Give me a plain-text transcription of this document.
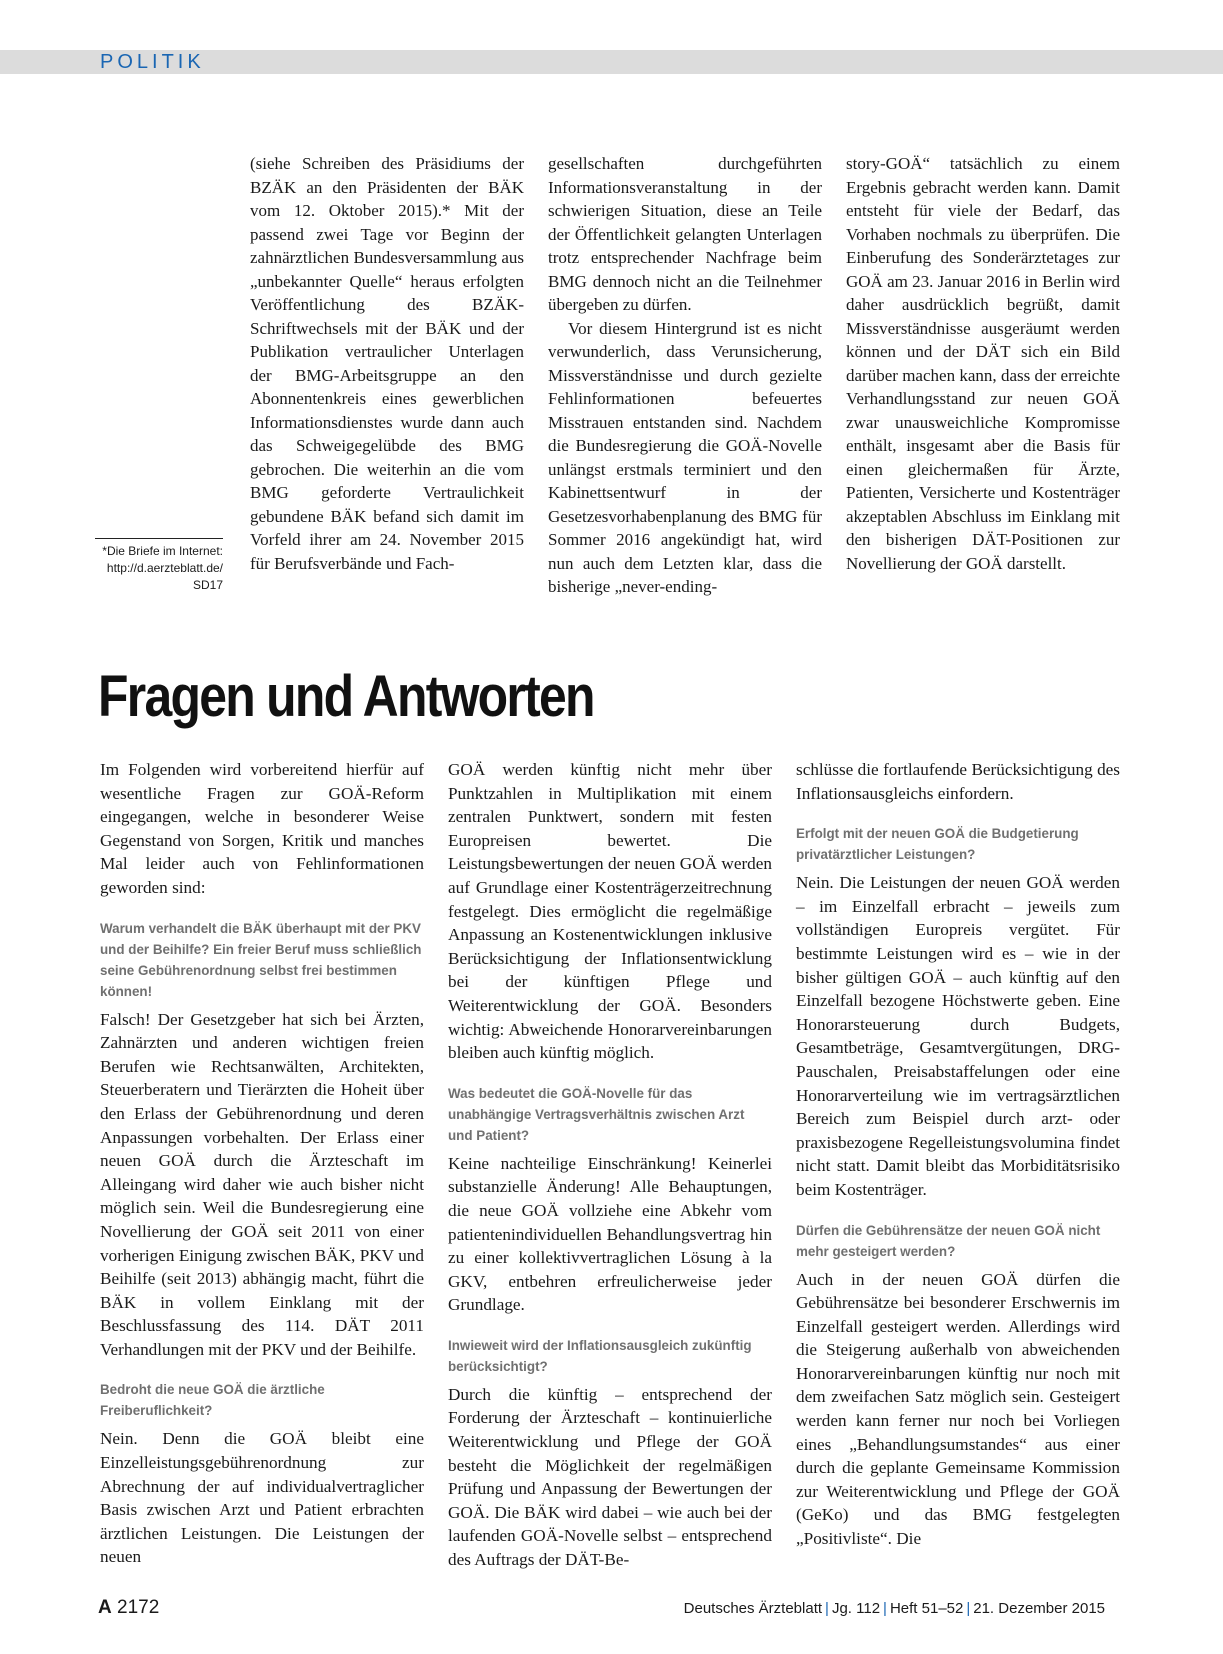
POLITIK
*Die Briefe im Internet:
http://d.aerzteblatt.de/
SD17

(siehe Schreiben des Präsidiums der BZÄK an den Präsidenten der BÄK vom 12. Oktober 2015).* Mit der passend zwei Tage vor Beginn der zahnärztlichen Bundesversammlung aus „unbekannter Quelle“ heraus erfolgten Veröffentlichung des BZÄK-Schriftwechsels mit der BÄK und der Publikation vertraulicher Unterlagen der BMG-Arbeitsgruppe an den Abonnentenkreis eines gewerblichen Informationsdienstes wurde dann auch das Schweigegelübde des BMG gebrochen. Die weiterhin an die vom BMG geforderte Vertraulichkeit gebundene BÄK befand sich damit im Vorfeld ihrer am 24. November 2015 für Berufsverbände und Fach-

gesellschaften durchgeführten Informationsveranstaltung in der schwierigen Situation, diese an Teile der Öffentlichkeit gelangten Unterlagen trotz entsprechender Nachfrage beim BMG dennoch nicht an die Teilnehmer übergeben zu dürfen.

Vor diesem Hintergrund ist es nicht verwunderlich, dass Verunsicherung, Missverständnisse und durch gezielte Fehlinformationen befeuertes Misstrauen entstanden sind. Nachdem die Bundesregierung die GOÄ-Novelle unlängst erstmals terminiert und den Kabinettsentwurf in der Gesetzesvorhabenplanung des BMG für Sommer 2016 angekündigt hat, wird nun auch dem Letzten klar, dass die bisherige „never-ending-

story-GOÄ“ tatsächlich zu einem Ergebnis gebracht werden kann. Damit entsteht für viele der Bedarf, das Vorhaben nochmals zu überprüfen. Die Einberufung des Sonderärztetages zur GOÄ am 23. Januar 2016 in Berlin wird daher ausdrücklich begrüßt, damit Missverständnisse ausgeräumt werden können und der DÄT sich ein Bild darüber machen kann, dass der erreichte Verhandlungsstand zur neuen GOÄ zwar unausweichliche Kompromisse enthält, insgesamt aber die Basis für einen gleichermaßen für Ärzte, Patienten, Versicherte und Kostenträger akzeptablen Abschluss im Einklang mit den bisherigen DÄT-Positionen zur Novellierung der GOÄ darstellt.

Fragen und Antworten

Im Folgenden wird vorbereitend hierfür auf wesentliche Fragen zur GOÄ-Reform eingegangen, welche in besonderer Weise Gegenstand von Sorgen, Kritik und manches Mal leider auch von Fehlinformationen geworden sind:

Warum verhandelt die BÄK überhaupt mit der PKV und der Beihilfe? Ein freier Beruf muss schließlich seine Gebührenordnung selbst frei bestimmen können!

Falsch! Der Gesetzgeber hat sich bei Ärzten, Zahnärzten und anderen wichtigen freien Berufen wie Rechtsanwälten, Architekten, Steuerberatern und Tierärzten die Hoheit über den Erlass der Gebührenordnung und deren Anpassungen vorbehalten. Der Erlass einer neuen GOÄ durch die Ärzteschaft im Alleingang wird daher wie auch bisher nicht möglich sein. Weil die Bundesregierung eine Novellierung der GOÄ seit 2011 von einer vorherigen Einigung zwischen BÄK, PKV und Beihilfe (seit 2013) abhängig macht, führt die BÄK in vollem Einklang mit der Beschlussfassung des 114. DÄT 2011 Verhandlungen mit der PKV und der Beihilfe.

Bedroht die neue GOÄ die ärztliche Freiberuflichkeit?

Nein. Denn die GOÄ bleibt eine Einzelleistungsgebührenordnung zur Abrechnung der auf individualvertraglicher Basis zwischen Arzt und Patient erbrachten ärztlichen Leistungen. Die Leistungen der neuen

GOÄ werden künftig nicht mehr über Punktzahlen in Multiplikation mit einem zentralen Punktwert, sondern mit festen Europreisen bewertet. Die Leistungsbewertungen der neuen GOÄ werden auf Grundlage einer Kostenträgerzeitrechnung festgelegt. Dies ermöglicht die regelmäßige Anpassung an Kostenentwicklungen inklusive Berücksichtigung der Inflationsentwicklung bei der künftigen Pflege und Weiterentwicklung der GOÄ. Besonders wichtig: Abweichende Honorarvereinbarungen bleiben auch künftig möglich.

Was bedeutet die GOÄ-Novelle für das unabhängige Vertragsverhältnis zwischen Arzt und Patient?

Keine nachteilige Einschränkung! Keinerlei substanzielle Änderung! Alle Behauptungen, die neue GOÄ vollziehe eine Abkehr vom patientenindividuellen Behandlungsvertrag hin zu einer kollektivvertraglichen Lösung à la GKV, entbehren erfreulicherweise jeder Grundlage.

Inwieweit wird der Inflationsausgleich zukünftig berücksichtigt?

Durch die künftig – entsprechend der Forderung der Ärzteschaft – kontinuierliche Weiterentwicklung und Pflege der GOÄ besteht die Möglichkeit der regelmäßigen Prüfung und Anpassung der Bewertungen der GOÄ. Die BÄK wird dabei – wie auch bei der laufenden GOÄ-Novelle selbst – entsprechend des Auftrags der DÄT-Be-

schlüsse die fortlaufende Berücksichtigung des Inflationsausgleichs einfordern.

Erfolgt mit der neuen GOÄ die Budgetierung privatärztlicher Leistungen?

Nein. Die Leistungen der neuen GOÄ werden – im Einzelfall erbracht – jeweils zum vollständigen Europreis vergütet. Für bestimmte Leistungen wird es – wie in der bisher gültigen GOÄ – auch künftig auf den Einzelfall bezogene Höchstwerte geben. Eine Honorarsteuerung durch Budgets, Gesamtbeträge, Gesamtvergütungen, DRG-Pauschalen, Preisabstaffelungen oder eine Honorarverteilung wie im vertragsärztlichen Bereich zum Beispiel durch arzt- oder praxisbezogene Regelleistungsvolumina findet nicht statt. Damit bleibt das Morbiditätsrisiko beim Kostenträger.

Dürfen die Gebührensätze der neuen GOÄ nicht mehr gesteigert werden?

Auch in der neuen GOÄ dürfen die Gebührensätze bei besonderer Erschwernis im Einzelfall gesteigert werden. Allerdings wird die Steigerung außerhalb von abweichenden Honorarvereinbarungen künftig nur noch mit dem zweifachen Satz möglich sein. Gesteigert werden kann ferner nur noch bei Vorliegen eines „Behandlungsumstandes“ aus einer durch die geplante Gemeinsame Kommission zur Weiterentwicklung und Pflege der GOÄ (GeKo) und das BMG festgelegten „Positivliste“. Die

A 2172	Deutsches Ärzteblatt | Jg. 112 | Heft 51–52 | 21. Dezember 2015
